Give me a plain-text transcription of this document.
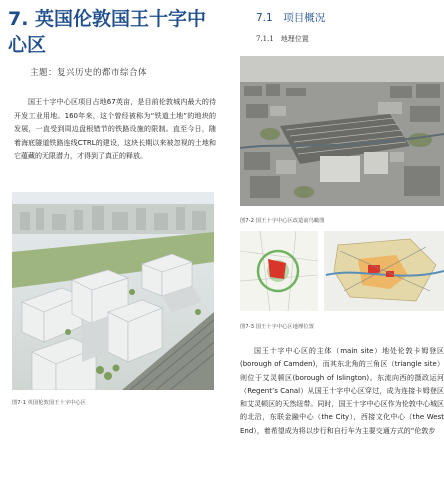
7. 英国伦敦国王十字中心区
主题：复兴历史的都市综合体

国王十字中心区项目占地67英亩，是目前伦敦城内最大的待开发工业用地。160年来，这个曾经被称为“铁道土地”的地块的发展，一直受到周边盘根错节的铁路设施的限制。直至今日，随着海底隧道铁路连线CTRL的建设，这块长期以来被忽视的土地和它蕴藏的无限潜力，才得到了真正的释放。

图7-1 英国伦敦国王十字中心区
7.1　项目概况
7.1.1　地理位置
图7-2 国王十字中心区改造前鸟瞰图
图7-3 国王十字中心区地理位置

国王十字中心区的主体（main site）地处伦敦卡姆登区　(borough of Camden)，而其东北角的三角区（triangle site）则位于艾灵顿区(borough of Islington)。东流向西的摄政运河（Regent’s Canal）从国王十字中心区穿过，成为连接卡姆登区和艾灵顿区的天然纽带。同时，国王十字中心区作为伦敦中心城区的北沿，东联金融中心（the City），西接文化中心（the West End），着希望成为将以步行和自行车为主要交通方式的“伦敦步
